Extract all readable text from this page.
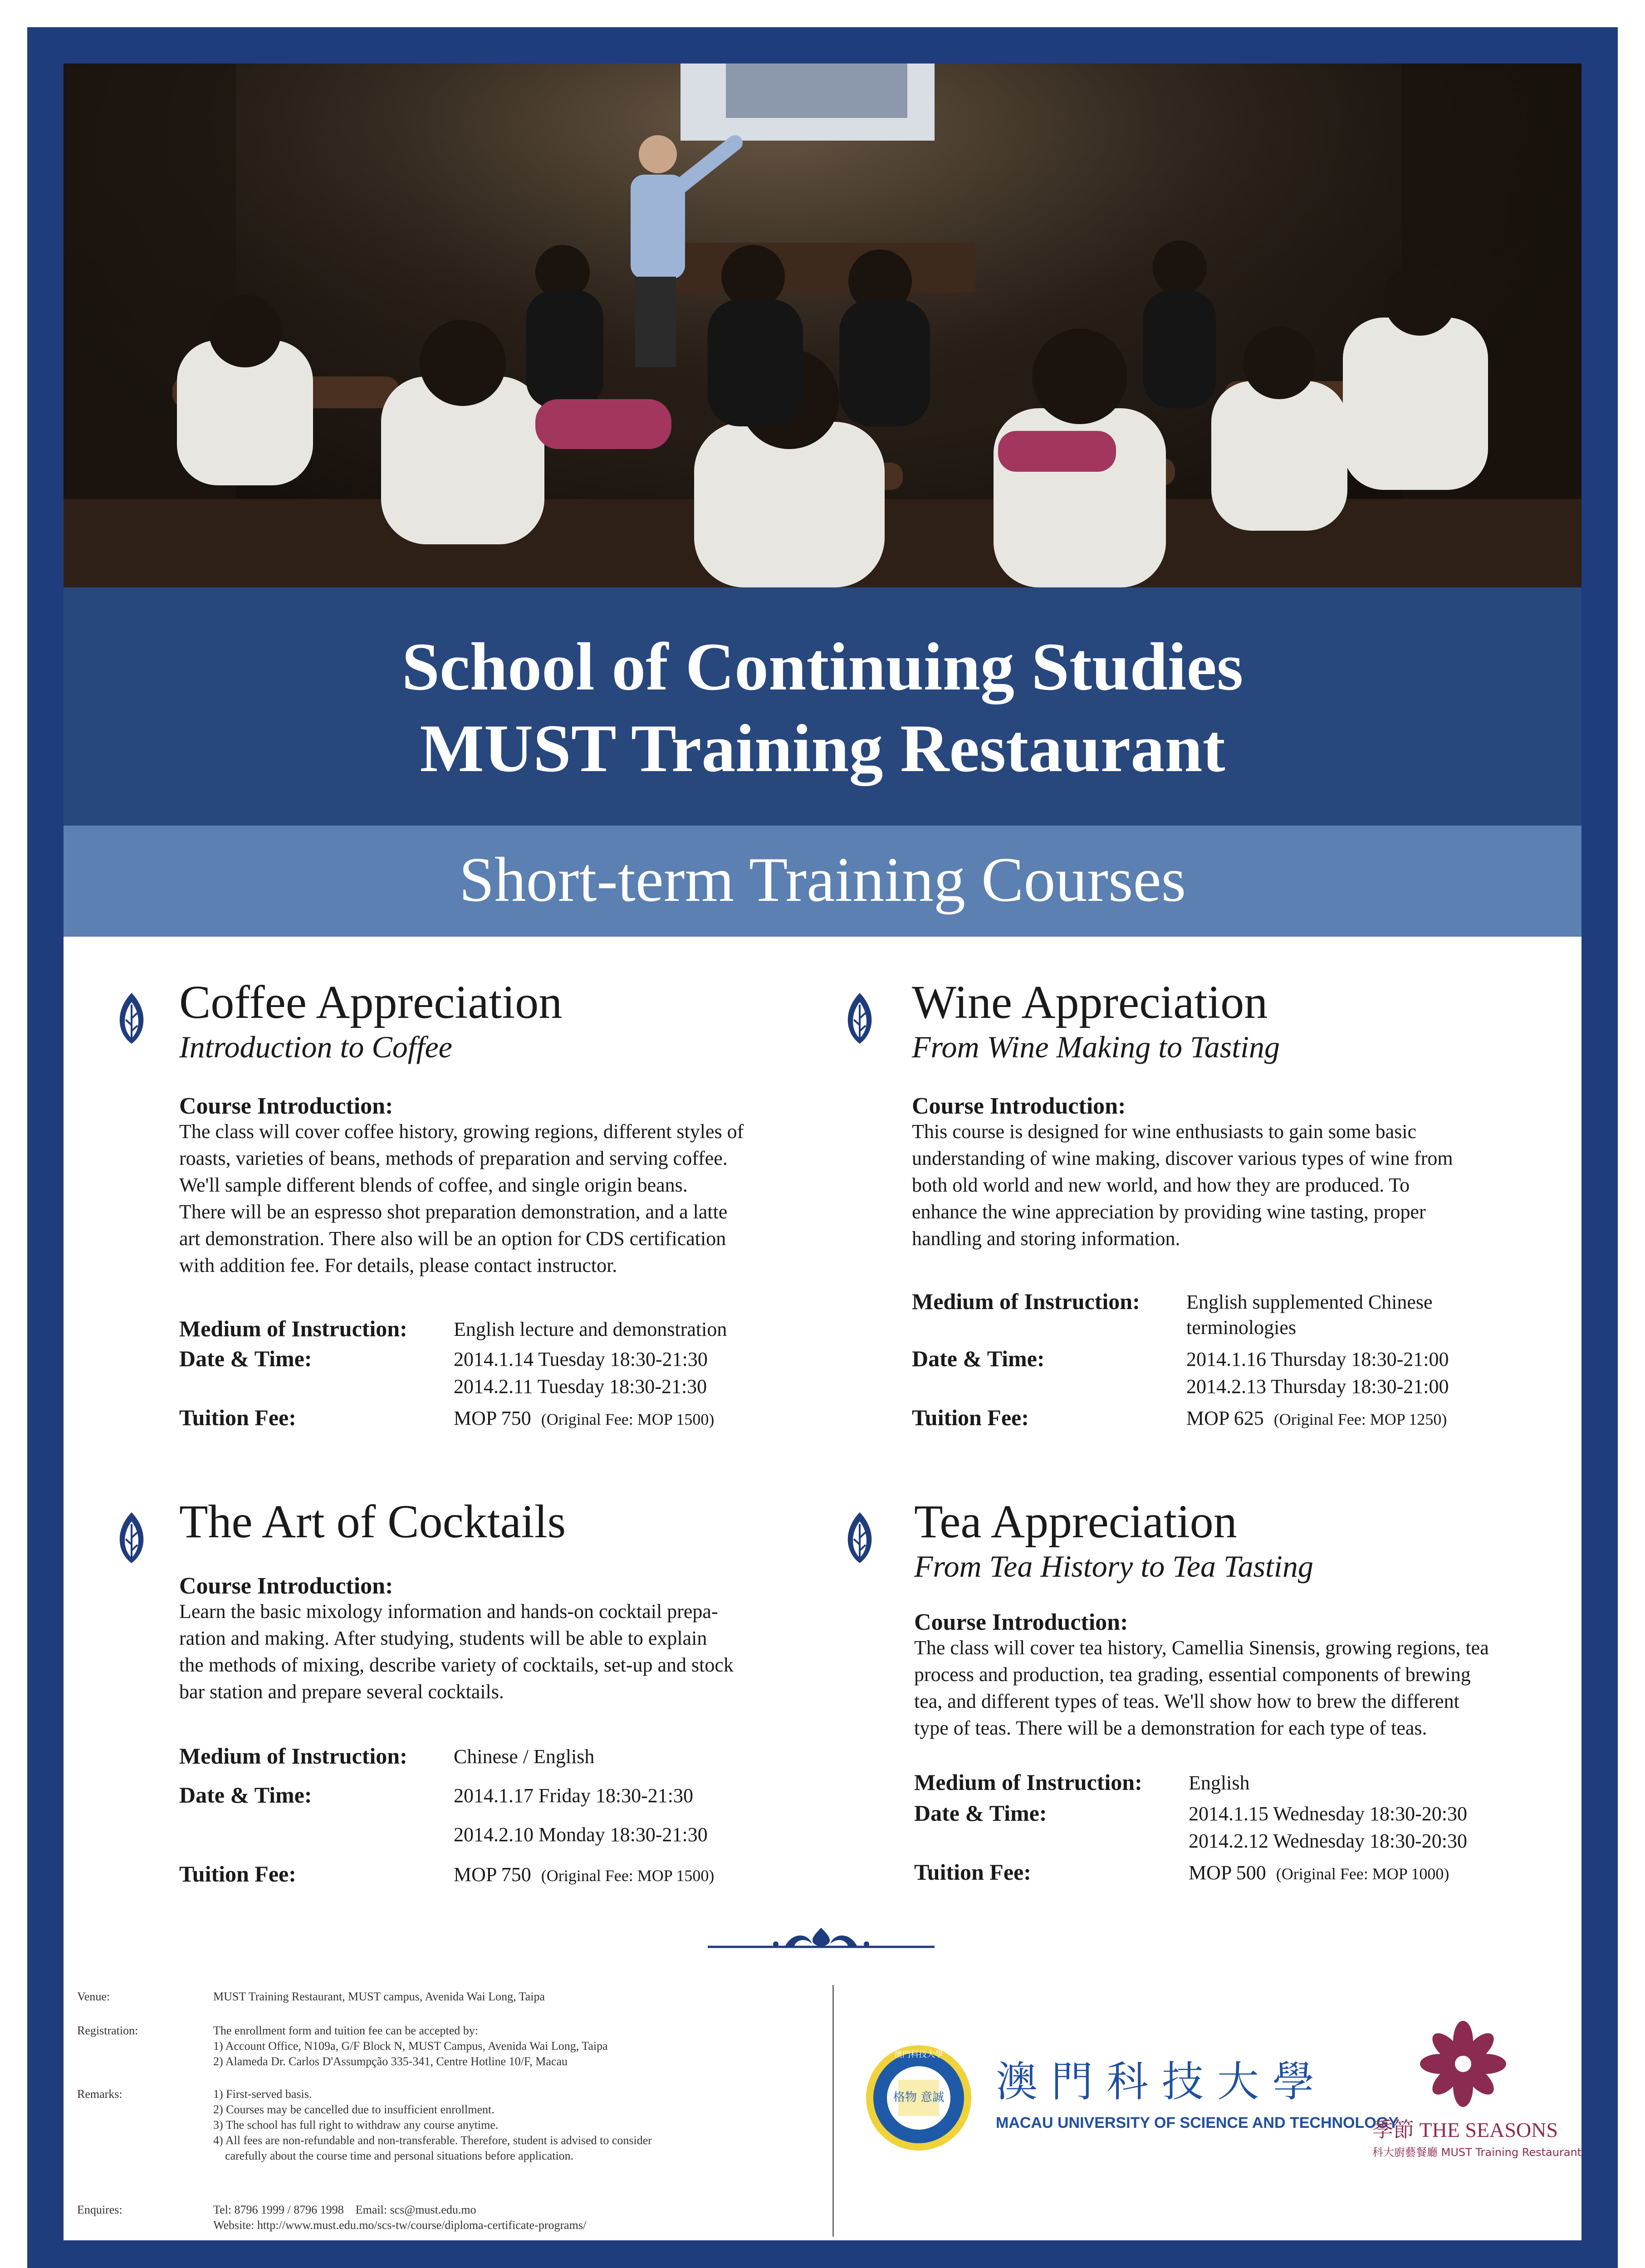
School of Continuing Studies
MUST Training Restaurant
Short-term Training Courses
Coffee Appreciation
Introduction to Coffee
Course Introduction:
The class will cover coffee history, growing regions, different styles of
roasts, varieties of beans, methods of preparation and serving coffee.
We'll sample different blends of coffee, and single origin beans.
There will be an espresso shot preparation demonstration, and a latte
art demonstration. There also will be an option for CDS certification
with addition fee. For details, please contact instructor.
Medium of Instruction: English lecture and demonstration
Date & Time:	2014.1.14 Tuesday 18:30-21:30
2014.2.11 Tuesday 18:30-21:30
Tuition Fee:	MOP 750 (Original Fee: MOP 1500)
Wine Appreciation
From Wine Making to Tasting
Course Introduction:
This course is designed for wine enthusiasts to gain some basic
understanding of wine making, discover various types of wine from
both old world and new world, and how they are produced. To
enhance the wine appreciation by providing wine tasting, proper
handling and storing information.
Medium of Instruction: English supplemented Chinese
terminologies
Date & Time:	2014.1.16 Thursday 18:30-21:00
2014.2.13 Thursday 18:30-21:00
Tuition Fee:	MOP 625 (Original Fee: MOP 1250)
The Art of Cocktails
Course Introduction:
Learn the basic mixology information and hands-on cocktail prepa-
ration and making. After studying, students will be able to explain
the methods of mixing, describe variety of cocktails, set-up and stock
bar station and prepare several cocktails.
Medium of Instruction: Chinese / English
Date & Time:	2014.1.17 Friday 18:30-21:30
2014.2.10 Monday 18:30-21:30
Tuition Fee:	MOP 750 (Original Fee: MOP 1500)
Tea Appreciation
From Tea History to Tea Tasting
Course Introduction:
The class will cover tea history, Camellia Sinensis, growing regions, tea
process and production, tea grading, essential components of brewing
tea, and different types of teas. We'll show how to brew the different
type of teas. There will be a demonstration for each type of teas.
Medium of Instruction: English
Date & Time:	2014.1.15 Wednesday 18:30-20:30
2014.2.12 Wednesday 18:30-20:30
Tuition Fee:	MOP 500 (Original Fee: MOP 1000)
Venue:	MUST Training Restaurant, MUST campus, Avenida Wai Long, Taipa
Registration:	The enrollment form and tuition fee can be accepted by:
1) Account Office, N109a, G/F Block N, MUST Campus, Avenida Wai Long, Taipa
2) Alameda Dr. Carlos D'Assumpção 335-341, Centre Hotline 10/F, Macau
Remarks:	1) First-served basis.
2) Courses may be cancelled due to insufficient enrollment.
3) The school has full right to withdraw any course anytime.
4) All fees are non-refundable and non-transferable. Therefore, student is advised to consider
carefully about the course time and personal situations before application.
Enquires:	Tel: 8796 1999 / 8796 1998    Email: scs@must.edu.mo
Website: http://www.must.edu.mo/scs-tw/course/diploma-certificate-programs/
澳門科技大學
格物 意誠 澳門科技大學
MACAU UNIVERSITY OF SCIENCE AND TECHNOLOGY
季節 THE SEASONS
科大廚藝餐廳 MUST Training Restaurant
